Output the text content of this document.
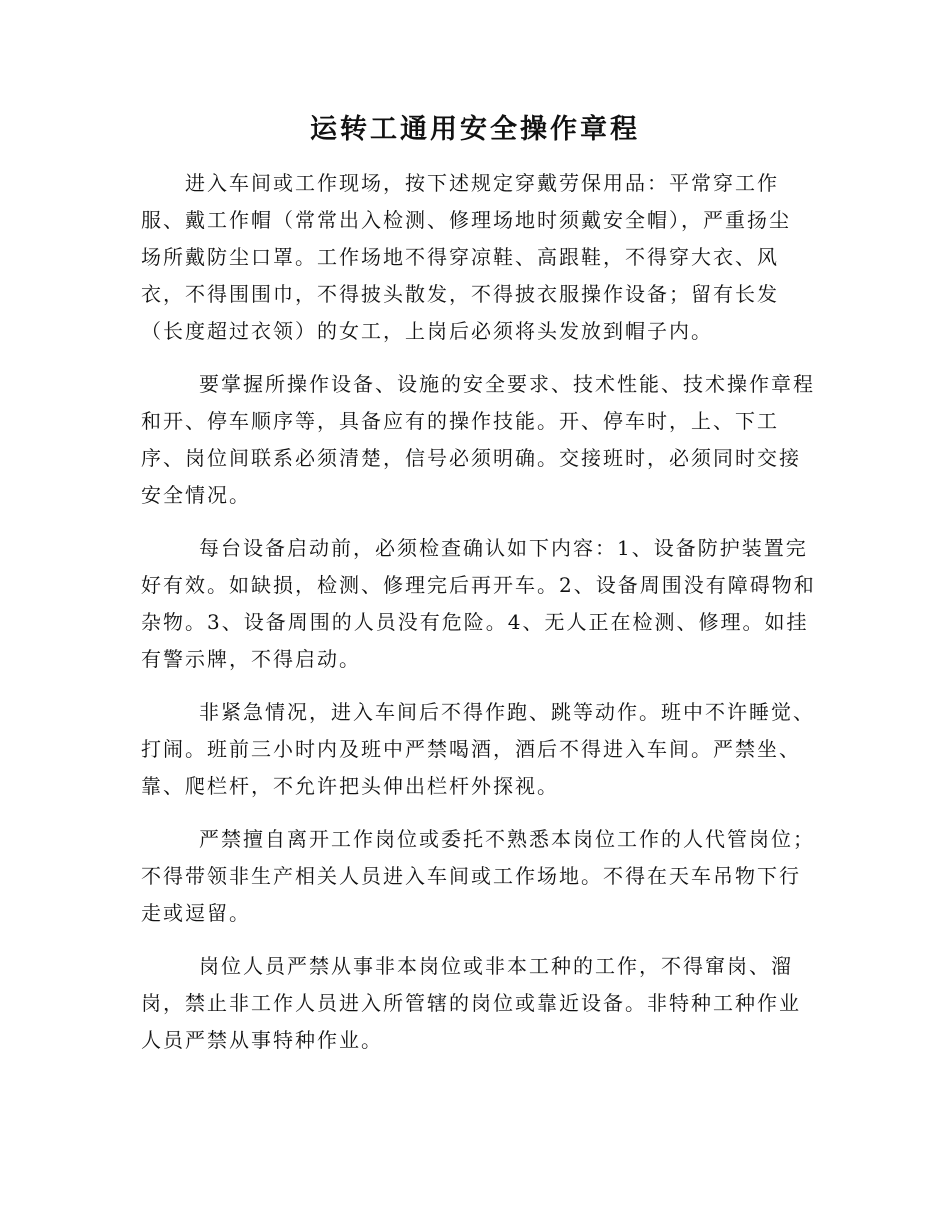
运转工通用安全操作章程

进入车间或工作现场，按下述规定穿戴劳保用品：平常穿工作
服、戴工作帽（常常出入检测、修理场地时须戴安全帽），严重扬尘
场所戴防尘口罩。工作场地不得穿凉鞋、高跟鞋，不得穿大衣、风
衣，不得围围巾，不得披头散发，不得披衣服操作设备；留有长发
（长度超过衣领）的女工，上岗后必须将头发放到帽子内。

要掌握所操作设备、设施的安全要求、技术性能、技术操作章程
和开、停车顺序等，具备应有的操作技能。开、停车时，上、下工
序、岗位间联系必须清楚，信号必须明确。交接班时，必须同时交接
安全情况。

每台设备启动前，必须检查确认如下内容：1、设备防护装置完
好有效。如缺损，检测、修理完后再开车。2、设备周围没有障碍物和
杂物。3、设备周围的人员没有危险。4、无人正在检测、修理。如挂
有警示牌，不得启动。

非紧急情况，进入车间后不得作跑、跳等动作。班中不许睡觉、
打闹。班前三小时内及班中严禁喝酒，酒后不得进入车间。严禁坐、
靠、爬栏杆，不允许把头伸出栏杆外探视。

严禁擅自离开工作岗位或委托不熟悉本岗位工作的人代管岗位；
不得带领非生产相关人员进入车间或工作场地。不得在天车吊物下行
走或逗留。

岗位人员严禁从事非本岗位或非本工种的工作，不得窜岗、溜
岗，禁止非工作人员进入所管辖的岗位或靠近设备。非特种工种作业
人员严禁从事特种作业。
